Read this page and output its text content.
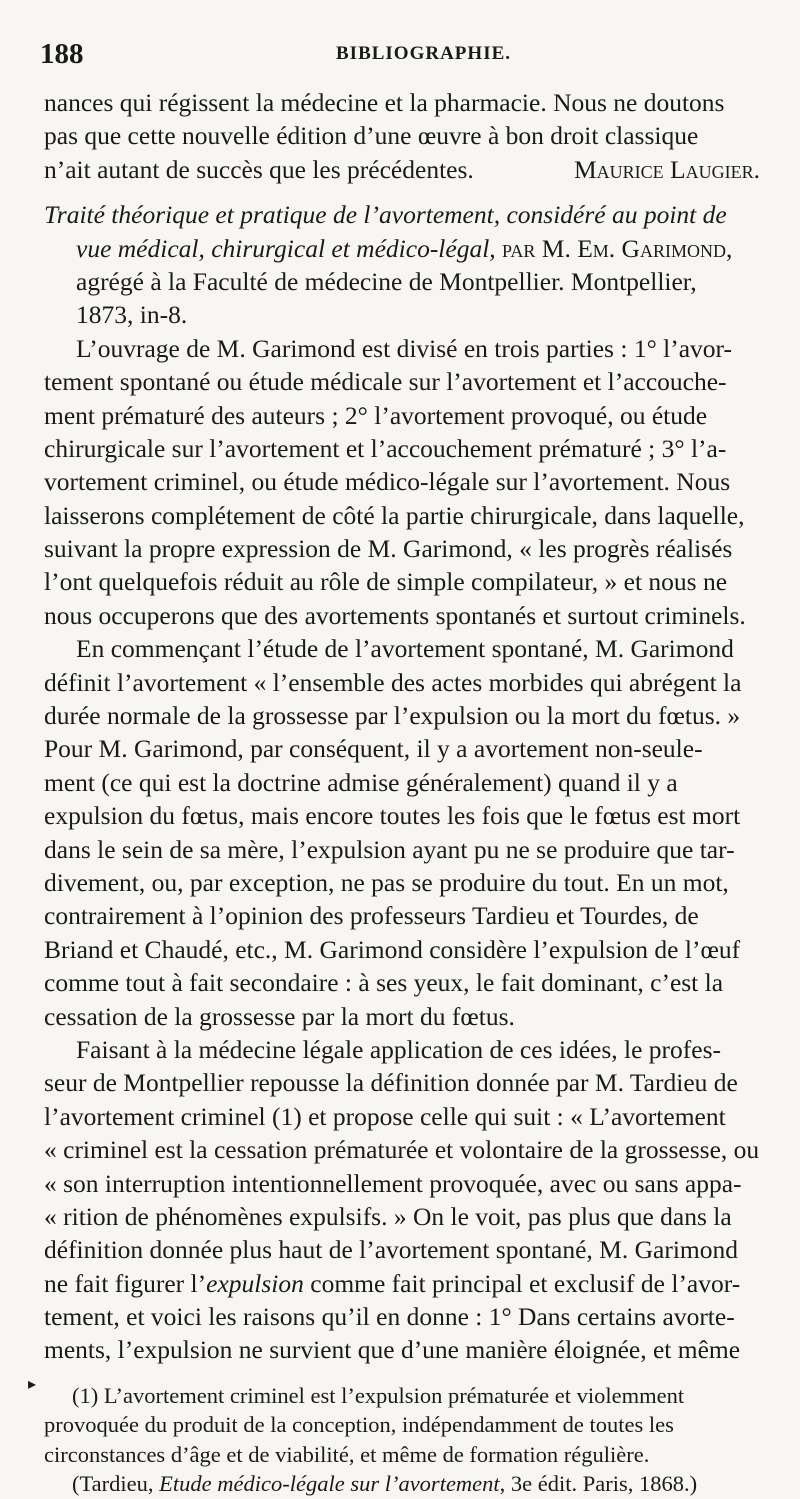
188	BIBLIOGRAPHIE.
nances qui régissent la médecine et la pharmacie. Nous ne doutons
pas que cette nouvelle édition d’une œuvre à bon droit classique
n’ait autant de succès que les précédentes.	Maurice Laugier.
Traité théorique et pratique de l’avortement, considéré au point de
vue médical, chirurgical et médico-légal, par M. Em. Garimond,
agrégé à la Faculté de médecine de Montpellier. Montpellier,
1873, in-8.
L’ouvrage de M. Garimond est divisé en trois parties : 1° l’avor-
tement spontané ou étude médicale sur l’avortement et l’accouche-
ment prématuré des auteurs ; 2° l’avortement provoqué, ou étude
chirurgicale sur l’avortement et l’accouchement prématuré ; 3° l’a-
vortement criminel, ou étude médico-légale sur l’avortement. Nous
laisserons complétement de côté la partie chirurgicale, dans laquelle,
suivant la propre expression de M. Garimond, « les progrès réalisés
l’ont quelquefois réduit au rôle de simple compilateur, » et nous ne
nous occuperons que des avortements spontanés et surtout criminels.
En commençant l’étude de l’avortement spontané, M. Garimond
définit l’avortement « l’ensemble des actes morbides qui abrégent la
durée normale de la grossesse par l’expulsion ou la mort du fœtus. »
Pour M. Garimond, par conséquent, il y a avortement non-seule-
ment (ce qui est la doctrine admise généralement) quand il y a
expulsion du fœtus, mais encore toutes les fois que le fœtus est mort
dans le sein de sa mère, l’expulsion ayant pu ne se produire que tar-
divement, ou, par exception, ne pas se produire du tout. En un mot,
contrairement à l’opinion des professeurs Tardieu et Tourdes, de
Briand et Chaudé, etc., M. Garimond considère l’expulsion de l’œuf
comme tout à fait secondaire : à ses yeux, le fait dominant, c’est la
cessation de la grossesse par la mort du fœtus.
Faisant à la médecine légale application de ces idées, le profes-
seur de Montpellier repousse la définition donnée par M. Tardieu de
l’avortement criminel (1) et propose celle qui suit : « L’avortement
« criminel est la cessation prématurée et volontaire de la grossesse, ou
« son interruption intentionnellement provoquée, avec ou sans appa-
« rition de phénomènes expulsifs. » On le voit, pas plus que dans la
définition donnée plus haut de l’avortement spontané, M. Garimond
ne fait figurer l’expulsion comme fait principal et exclusif de l’avor-
tement, et voici les raisons qu’il en donne : 1° Dans certains avorte-
ments, l’expulsion ne survient que d’une manière éloignée, et même
(1) L’avortement criminel est l’expulsion prématurée et violemment
provoquée du produit de la conception, indépendamment de toutes les
circonstances d’âge et de viabilité, et même de formation régulière.
(Tardieu, Etude médico-légale sur l’avortement, 3e édit. Paris, 1868.)
▸
